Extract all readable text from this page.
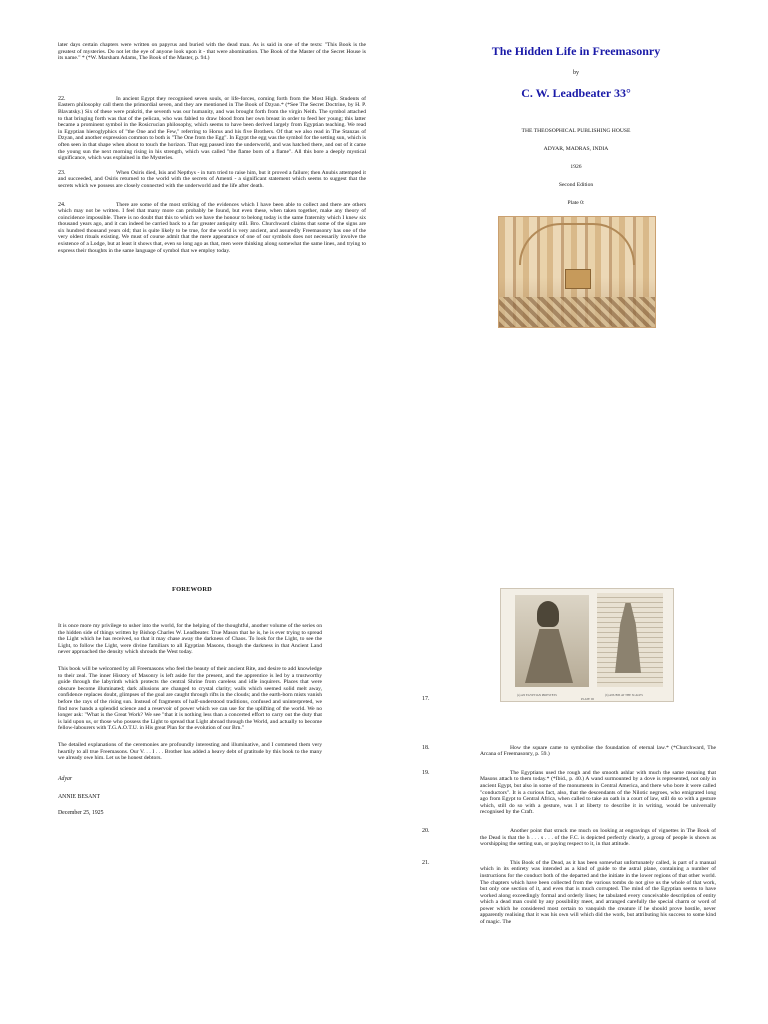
later days certain chapters were written on papyrus and buried with the dead man. As is said in one of the texts: "This Book is the greatest of mysteries. Do not let the eye of anyone look upon it - that were abomination. The Book of the Master of the Secret House is its name." * (*W. Marsham Adams, The Book of the Master, p. 94.)

22.	In ancient Egypt they recognised seven souls, or life-forces, coming forth from the Most High. Students of Eastern philosophy call them the primordial seven, and they are mentioned in The Book of Dzyan.* (*See The Secret Doctrine, by H. P. Blavatsky.) Six of these were prakriti, the seventh was our humanity, and was brought forth from the virgin Neith. The symbol attached to that bringing forth was that of the pelican, who was fabled to draw blood from her own breast in order to feed her young; this latter became a prominent symbol in the Rosicrucian philosophy, which seems to have been derived largely from Egyptian teaching. We read in Egyptian hieroglyphics of "the One and the Few," referring to Horus and his five Brothers. Of that we also read in The Stanzas of Dzyan, and another expression common to both is "The One from the Egg". In Egypt the egg was the symbol for the setting sun, which is often seen in that shape when about to touch the horizon. That egg passed into the underworld, and was hatched there, and out of it came the young sun the next morning rising in his strength, which was called "the flame born of a flame". All this bore a deeply mystical significance, which was explained in the Mysteries.

23.	When Osiris died, Isis and Nepthys - in turn tried to raise him, but it proved a failure; then Anubis attempted it and succeeded, and Osiris returned to the world with the secrets of Amenti - a significant statement which seems to suggest that the secrets which we possess are closely connected with the underworld and the life after death.

24.	There are some of the most striking of the evidences which I have been able to collect and there are others which may not be written. I feel that many more can probably be found, but even these, when taken together, make any theory of coincidence impossible. There is no doubt that this to which we have the honour to belong today is the same fraternity which I knew six thousand years ago, and it can indeed be carried back to a far greater antiquity still. Bro. Churchward claims that some of the signs are six hundred thousand years old; that is quite likely to be true, for the world is very ancient, and assuredly Freemasonry has one of the very oldest rituals existing. We must of course admit that the mere appearance of one of our symbols does not necessarily involve the existence of a Lodge, but at least it shows that, even so long ago as that, men were thinking along somewhat the same lines, and trying to express their thoughts in the same language of symbol that we employ today.

The Hidden Life in Freemasonry
by
C. W. Leadbeater 33°
THE THEOSOPHICAL PUBLISHING HOUSE
ADYAR, MADRAS, INDIA
1926
Second Edition
Plate 0:
FOREWORD

It is once more my privilege to usher into the world, for the helping of the thoughtful, another volume of the series on the hidden side of things written by Bishop Charles W. Leadbeater. True Mason that he is, he is ever trying to spread the Light which he has received, so that it may chase away the darkness of Chaos. To look for the Light, to see the Light, to follow the Light, were divine familiars to all Egyptian Masons, though the darkness in that Ancient Land never approached the density which shrouds the West today.

This book will be welcomed by all Freemasons who feel the beauty of their ancient Rite, and desire to add knowledge to their zeal. The inner History of Masonry is left aside for the present, and the apprentice is led by a trustworthy guide through the labyrinth which protects the central Shrine from careless and idle inquirers. Places that were obscure become illuminated; dark allusions are changed to crystal clarity; walls which seemed solid melt away, confidence replaces doubt, glimpses of the goal are caught through rifts in the clouds; and the earth-born mists vanish before the rays of the rising sun. Instead of fragments of half-understood traditions, confused and uninterpreted, we find now hands a splendid science and a reservoir of power which we can use for the uplifting of the world. We no longer ask: "What is the Great Work? We see "that it is nothing less than a concerted effort to carry out the duty that is laid upon us, or those who possess the Light to spread that Light abroad through the World, and actually to become fellow-labourers with T.G.A.O.T.U. in His great Plan for the evolution of our Brn."

The detailed explanations of the ceremonies are profoundly interesting and illuminative, and I commend them very heartily to all true Freemasons. Our V. . . I . . . Brother has added a heavy debt of gratitude by this book to the many we already owe him. Let us be honest debtors.

Adyar
ANNIE BESANT
December 25, 1925
(a) AN EGYPTIAN PRIESTESS	(b) ANUBIS AT THE SCALES
PLATE III
17.

18.	How the square came to symbolise the foundation of eternal law.* (*Churchward, The Arcana of Freemasonry, p. 59.)

19.	The Egyptians used the rough and the smooth ashlar with much the same meaning that Masons attach to them today.* (*Ibid., p. 40.) A wand surmounted by a dove is represented, not only in ancient Egypt, but also in some of the monuments in Central America, and there who bore it were called "conductors". It is a curious fact, also, that the descendants of the Nilotic negroes, who emigrated long ago from Egypt to Central Africa, when called to take an oath in a court of law, still do so with a gesture which, still do so with a gesture, was I at liberty to describe it in writing, would be universally recognised by the Craft.

20.	Another point that struck me much on looking at engravings of vignettes in The Book of the Dead is that the h . . . s . . . of the F.C. is depicted perfectly clearly, a group of people is shown as worshipping the setting sun, or paying respect to it, in that attitude.

21.	This Book of the Dead, as it has been somewhat unfortunately called, is part of a manual which in its entirety was intended as a kind of guide to the astral plane, containing a number of instructions for the conduct both of the departed and the initiate in the lower regions of that other world. The chapters which have been collected from the various tombs do not give us the whole of that work, but only one section of it, and even that is much corrupted. The mind of the Egyptian seems to have worked along exceedingly formal and orderly lines; he tabulated every conceivable description of entity which a dead man could by any possibility meet, and arranged carefully the special charm or word of power which he considered most certain to vanquish the creature if he should prove hostile, never apparently realising that it was his own will which did the work, but attributing his success to some kind of magic. The
